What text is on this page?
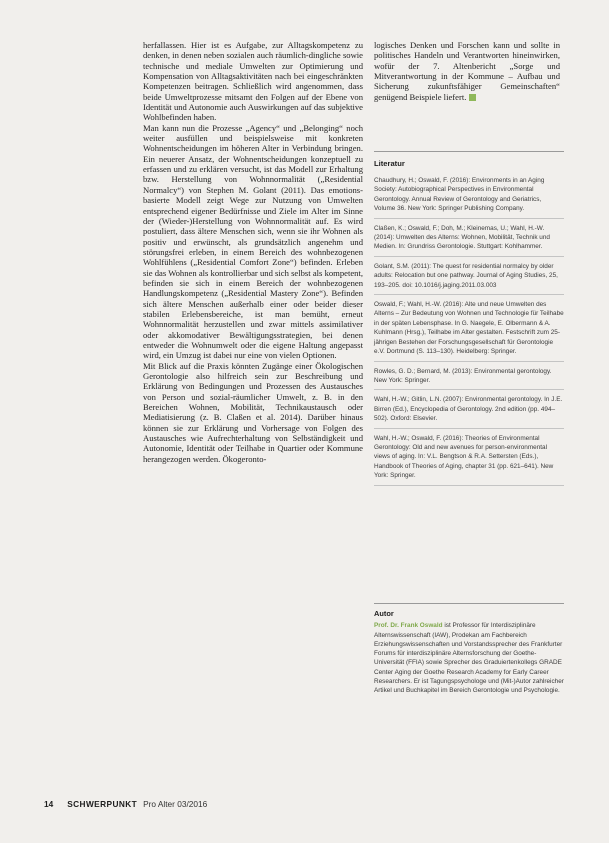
herfallassen. Hier ist es Aufgabe, zur Alltagskompetenz zu denken, in denen neben sozialen auch räumlich-dingliche sowie technische und mediale Umwelten zur Optimierung und Kompensation von Alltagsaktivitäten nach bei eingeschränkten Kompetenzen beitragen. Schließlich wird angenommen, dass beide Umweltprozesse mitsamt den Folgen auf der Ebene von Identität und Autonomie auch Auswirkungen auf das subjektive Wohlbefinden haben.

Man kann nun die Prozesse „Agency“ und „Belonging“ noch weiter ausfüllen und beispielsweise mit konkreten Wohnentscheidungen im höheren Alter in Verbindung bringen. Ein neuerer Ansatz, der Wohnentscheidungen konzeptuell zu erfassen und zu erklären versucht, ist das Modell zur Erhaltung bzw. Herstellung von Wohnnormalität („Residential Normalcy“) von Stephen M. Golant (2011). Das emotions-basierte Modell zeigt Wege zur Nutzung von Umwelten entsprechend eigener Bedürfnisse und Ziele im Alter im Sinne der (Wieder-)Herstellung von Wohnnormalität auf. Es wird postuliert, dass ältere Menschen sich, wenn sie ihr Wohnen als positiv und erwünscht, als grundsätzlich angenehm und störungsfrei erleben, in einem Bereich des wohnbezogenen Wohlfühlens („Residential Comfort Zone“) befinden. Erleben sie das Wohnen als kontrollierbar und sich selbst als kompetent, befinden sie sich in einem Bereich der wohnbezogenen Handlungskompetenz („Residential Mastery Zone“). Befinden sich ältere Menschen außerhalb einer oder beider dieser stabilen Erlebensbereiche, ist man bemüht, erneut Wohnnormalität herzustellen und zwar mittels assimilativer oder akkomodativer Bewältigungsstrategien, bei denen entweder die Wohnumwelt oder die eigene Haltung angepasst wird, ein Umzug ist dabei nur eine von vielen Optionen.

Mit Blick auf die Praxis könnten Zugänge einer Ökologischen Gerontologie also hilfreich sein zur Beschreibung und Erklärung von Bedingungen und Prozessen des Austausches von Person und sozial-räumlicher Umwelt, z. B. in den Bereichen Wohnen, Mobilität, Technikaustausch oder Mediatisierung (z. B. Claßen et al. 2014). Darüber hinaus können sie zur Erklärung und Vorhersage von Folgen des Austausches wie Aufrechterhaltung von Selbständigkeit und Autonomie, Identität oder Teilhabe in Quartier oder Kommune herangezogen werden. Ökogeronto-

logisches Denken und Forschen kann und sollte in politisches Handeln und Verantworten hineinwirken, wofür der 7. Altenbericht „Sorge und Mitverantwortung in der Kommune – Aufbau und Sicherung zukunftsfähiger Gemeinschaften“ genügend Beispiele liefert.
Literatur
Chaudhury, H.; Oswald, F. (2016): Environments in an Aging Society: Autobiographical Perspectives in Environmental Gerontology. Annual Review of Gerontology and Geriatrics, Volume 36. New York: Springer Publishing Company.
Claßen, K.; Oswald, F.; Doh, M.; Kleinemas, U.; Wahl, H.-W. (2014): Umwelten des Alterns: Wohnen, Mobilität, Technik und Medien. In: Grundriss Gerontologie. Stuttgart: Kohlhammer.
Golant, S.M. (2011): The quest for residential normalcy by older adults: Relocation but one pathway. Journal of Aging Studies, 25, 193–205. doi: 10.1016/j.jaging.2011.03.003
Oswald, F.; Wahl, H.-W. (2016): Alte und neue Umwelten des Alterns – Zur Bedeutung von Wohnen und Technologie für Teilhabe in der späten Lebensphase. In G. Naegele, E. Olbermann & A. Kuhlmann (Hrsg.), Teilhabe im Alter gestalten. Festschrift zum 25-jährigen Bestehen der Forschungsgesellschaft für Gerontologie e.V. Dortmund (S. 113–130). Heidelberg: Springer.
Rowles, G. D.; Bernard, M. (2013): Environmental gerontology. New York: Springer.
Wahl, H.-W.; Gitlin, L.N. (2007): Environmental gerontology. In J.E. Birren (Ed.), Encyclopedia of Gerontology. 2nd edition (pp. 494–502). Oxford: Elsevier.
Wahl, H.-W.; Oswald, F. (2016): Theories of Environmental Gerontology: Old and new avenues for person-environmental views of aging. In: V.L. Bengtson & R.A. Settersten (Eds.), Handbook of Theories of Aging, chapter 31 (pp. 621–641). New York: Springer.
Autor
Prof. Dr. Frank Oswald ist Professor für Interdisziplinäre Alternswissenschaft (IAW), Prodekan am Fachbereich Erziehungswissenschaften und Vorstandssprecher des Frankfurter Forums für interdisziplinäre Alternsforschung der Goethe-Universität (FFIA) sowie Sprecher des Graduiertenkollegs GRADE Center Aging der Goethe Research Academy for Early Career Researchers. Er ist Tagungspsychologe und (Mit-)Autor zahlreicher Artikel und Buchkapitel im Bereich Gerontologie und Psychologie.
14 SCHWERPUNKT Pro Alter 03/2016
